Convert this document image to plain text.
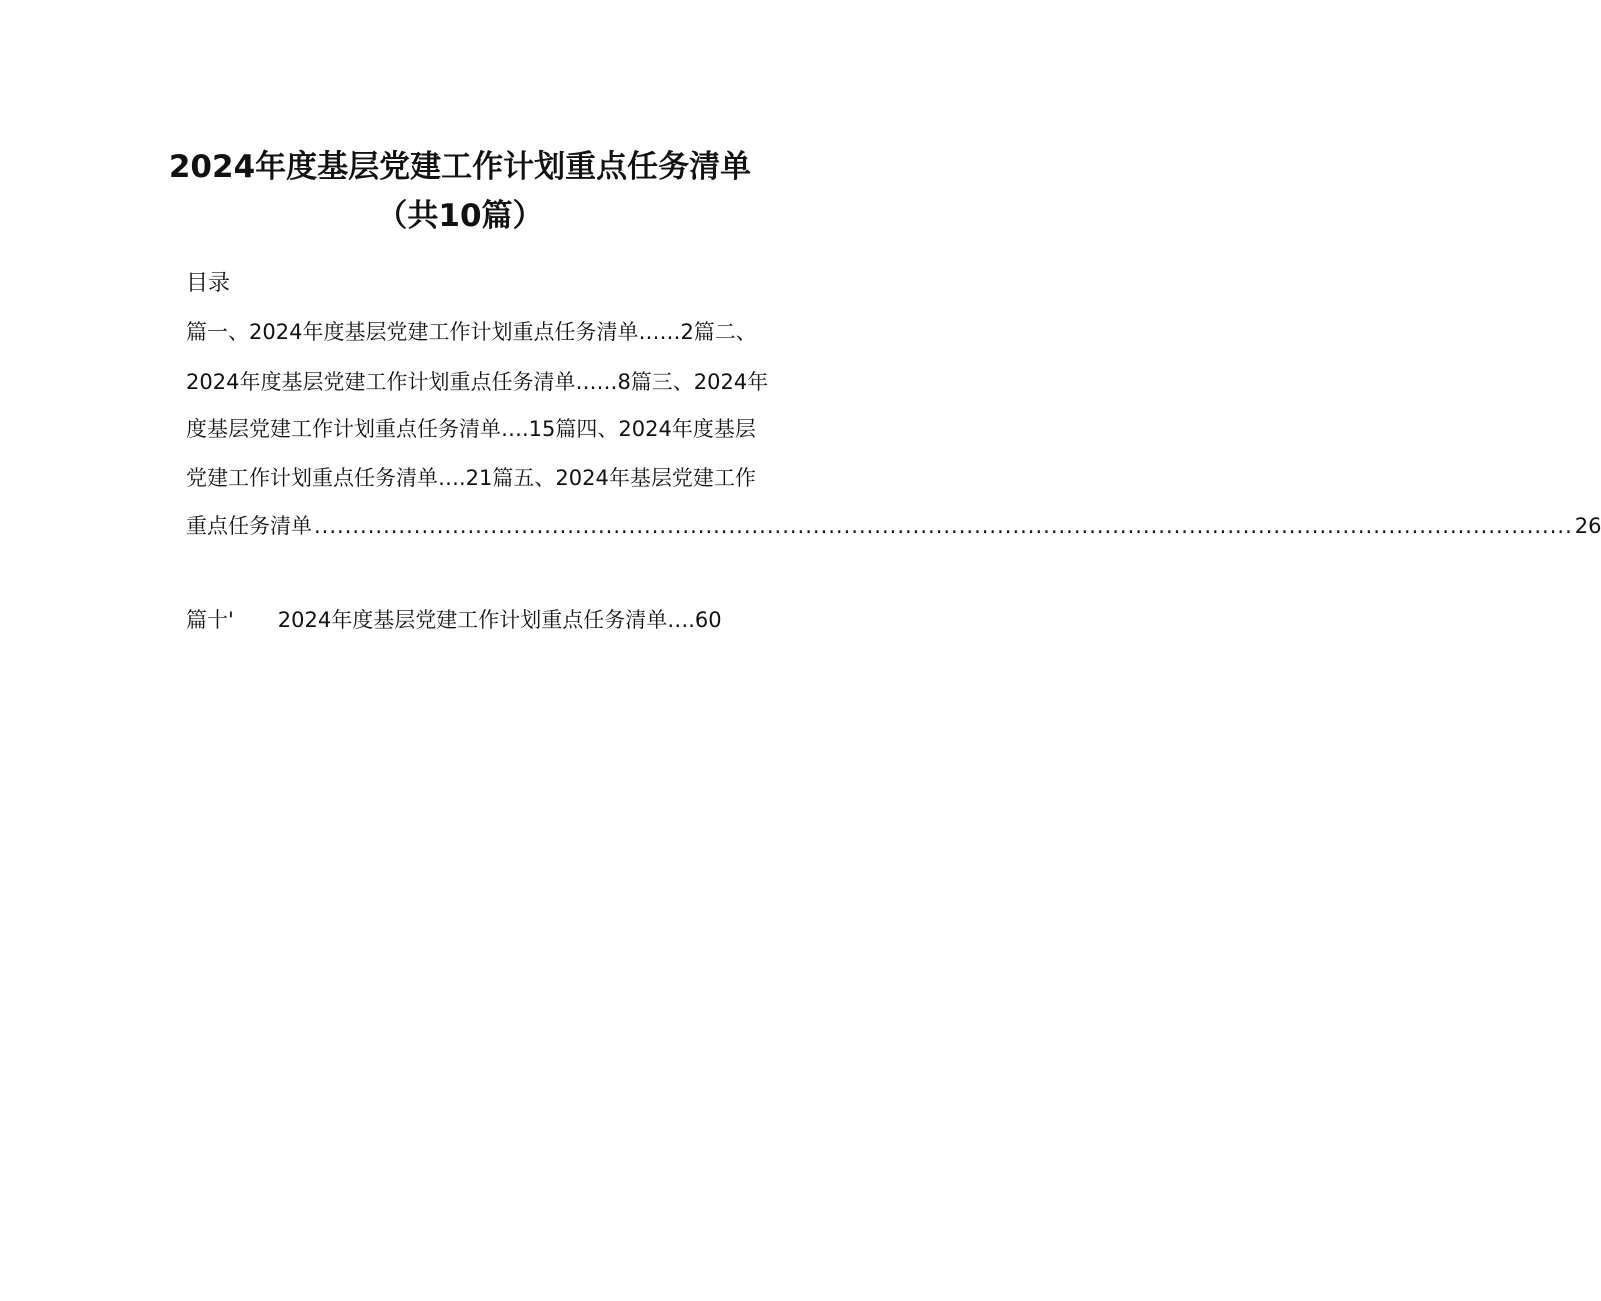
2024年度基层党建工作计划重点任务清单
（共10篇）
目录
篇一、2024年度基层党建工作计划重点任务清单……2篇二、
2024年度基层党建工作计划重点任务清单……8篇三、2024年
度基层党建工作计划重点任务清单….15篇四、2024年度基层
党建工作计划重点任务清单….21篇五、2024年基层党建工作
重点任务清单 .................................................................................................................................................................... 26
篇十' 2024年度基层党建工作计划重点任务清单….60
